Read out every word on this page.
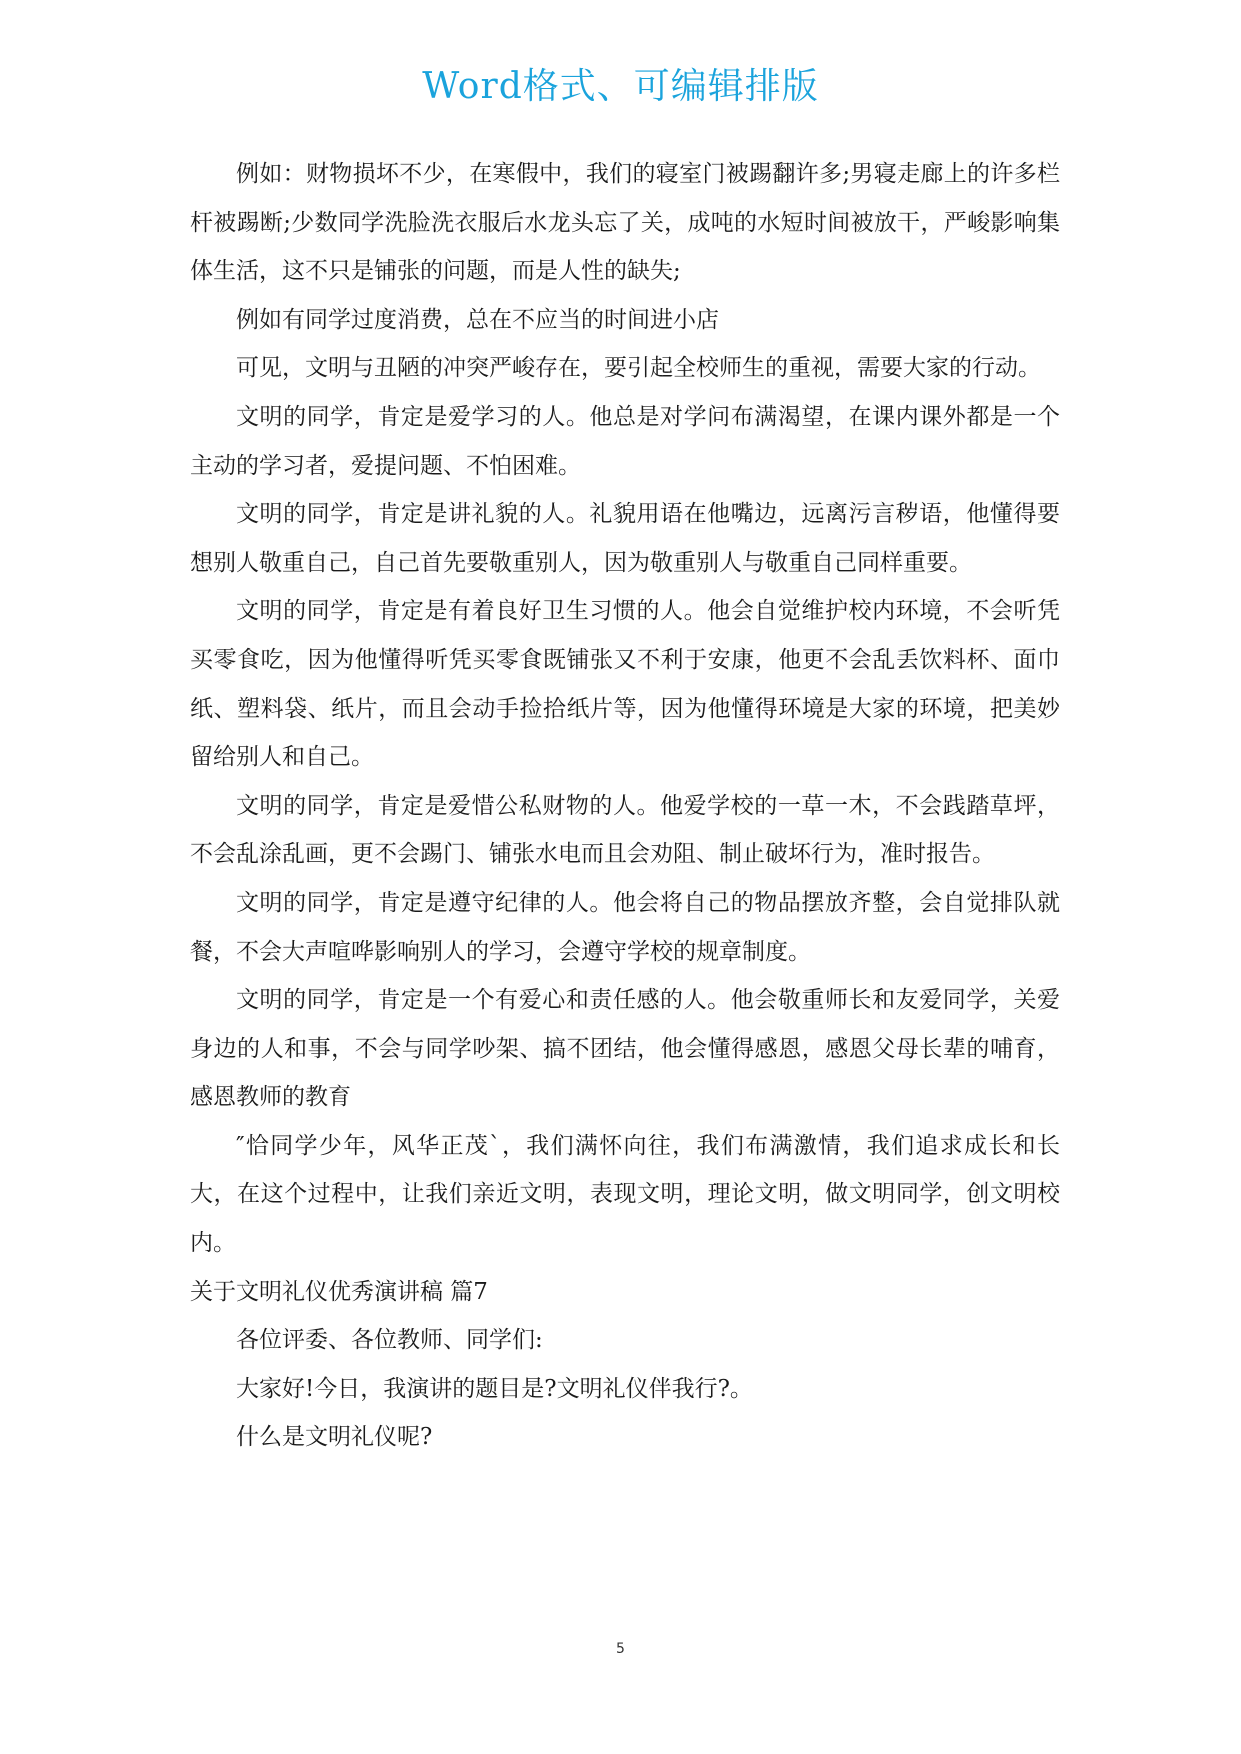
Word格式、可编辑排版

例如：财物损坏不少，在寒假中，我们的寝室门被踢翻许多;男寝走廊上的许多栏杆被踢断;少数同学洗脸洗衣服后水龙头忘了关，成吨的水短时间被放干，严峻影响集体生活，这不只是铺张的问题，而是人性的缺失;

例如有同学过度消费，总在不应当的时间进小店

可见，文明与丑陋的冲突严峻存在，要引起全校师生的重视，需要大家的行动。

文明的同学，肯定是爱学习的人。他总是对学问布满渴望，在课内课外都是一个主动的学习者，爱提问题、不怕困难。

文明的同学，肯定是讲礼貌的人。礼貌用语在他嘴边，远离污言秽语，他懂得要想别人敬重自己，自己首先要敬重别人，因为敬重别人与敬重自己同样重要。

文明的同学，肯定是有着良好卫生习惯的人。他会自觉维护校内环境，不会听凭买零食吃，因为他懂得听凭买零食既铺张又不利于安康，他更不会乱丢饮料杯、面巾纸、塑料袋、纸片，而且会动手捡拾纸片等，因为他懂得环境是大家的环境，把美妙留给别人和自己。

文明的同学，肯定是爱惜公私财物的人。他爱学校的一草一木，不会践踏草坪，不会乱涂乱画，更不会踢门、铺张水电而且会劝阻、制止破坏行为，准时报告。

文明的同学，肯定是遵守纪律的人。他会将自己的物品摆放齐整，会自觉排队就餐，不会大声喧哗影响别人的学习，会遵守学校的规章制度。

文明的同学，肯定是一个有爱心和责任感的人。他会敬重师长和友爱同学，关爱身边的人和事，不会与同学吵架、搞不团结，他会懂得感恩，感恩父母长辈的哺育，感恩教师的教育

″恰同学少年，风华正茂`，我们满怀向往，我们布满激情，我们追求成长和长大，在这个过程中，让我们亲近文明，表现文明，理论文明，做文明同学，创文明校内。

关于文明礼仪优秀演讲稿 篇7

各位评委、各位教师、同学们:

大家好!今日，我演讲的题目是?文明礼仪伴我行?。

什么是文明礼仪呢?

5
